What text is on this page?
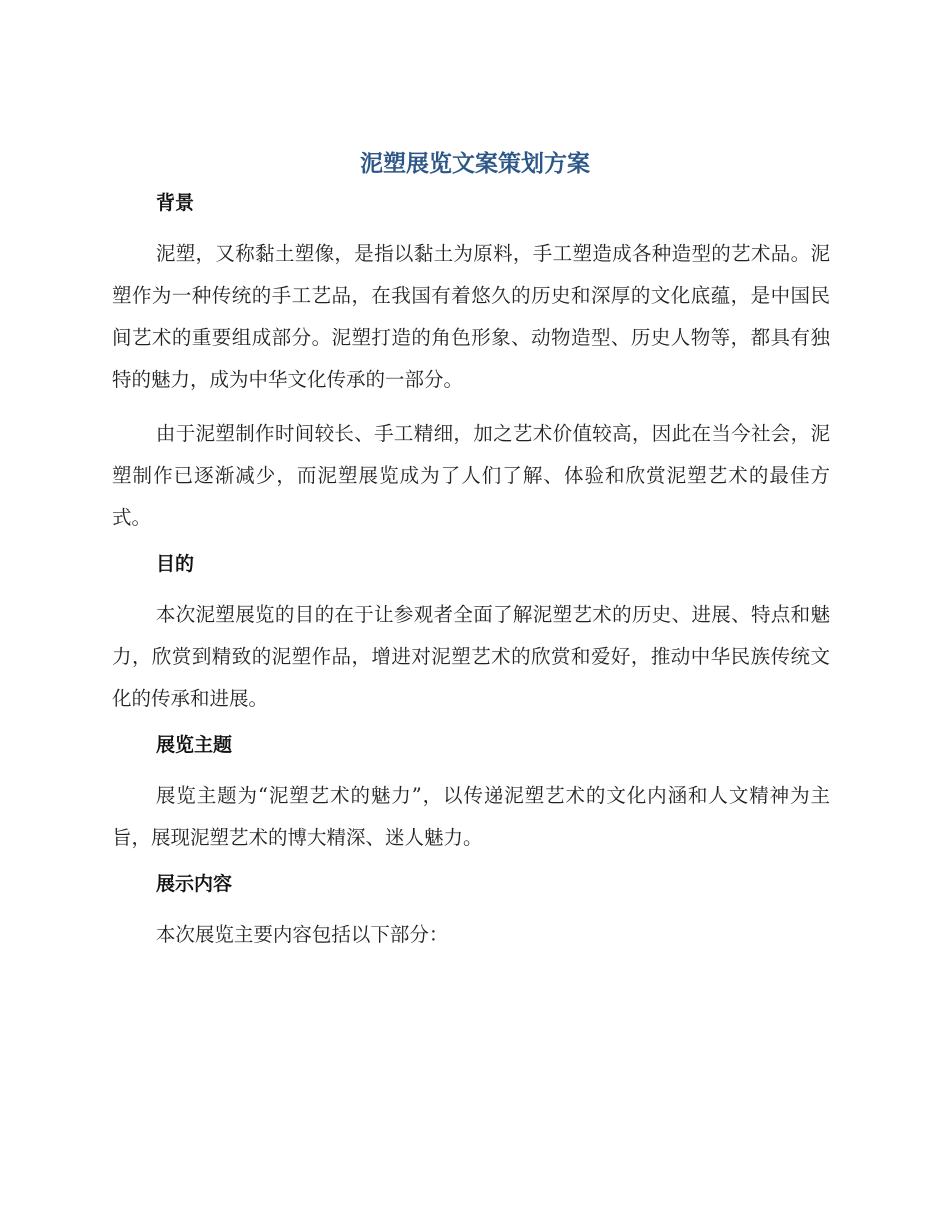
泥塑展览文案策划方案
背景

泥塑，又称黏土塑像，是指以黏土为原料，手工塑造成各种造型的艺术品。泥塑作为一种传统的手工艺品，在我国有着悠久的历史和深厚的文化底蕴，是中国民间艺术的重要组成部分。泥塑打造的角色形象、动物造型、历史人物等，都具有独特的魅力，成为中华文化传承的一部分。

由于泥塑制作时间较长、手工精细，加之艺术价值较高，因此在当今社会，泥塑制作已逐渐减少，而泥塑展览成为了人们了解、体验和欣赏泥塑艺术的最佳方式。

目的

本次泥塑展览的目的在于让参观者全面了解泥塑艺术的历史、进展、特点和魅力，欣赏到精致的泥塑作品，增进对泥塑艺术的欣赏和爱好，推动中华民族传统文化的传承和进展。

展览主题

展览主题为“泥塑艺术的魅力”，以传递泥塑艺术的文化内涵和人文精神为主旨，展现泥塑艺术的博大精深、迷人魅力。

展示内容

本次展览主要内容包括以下部分：
